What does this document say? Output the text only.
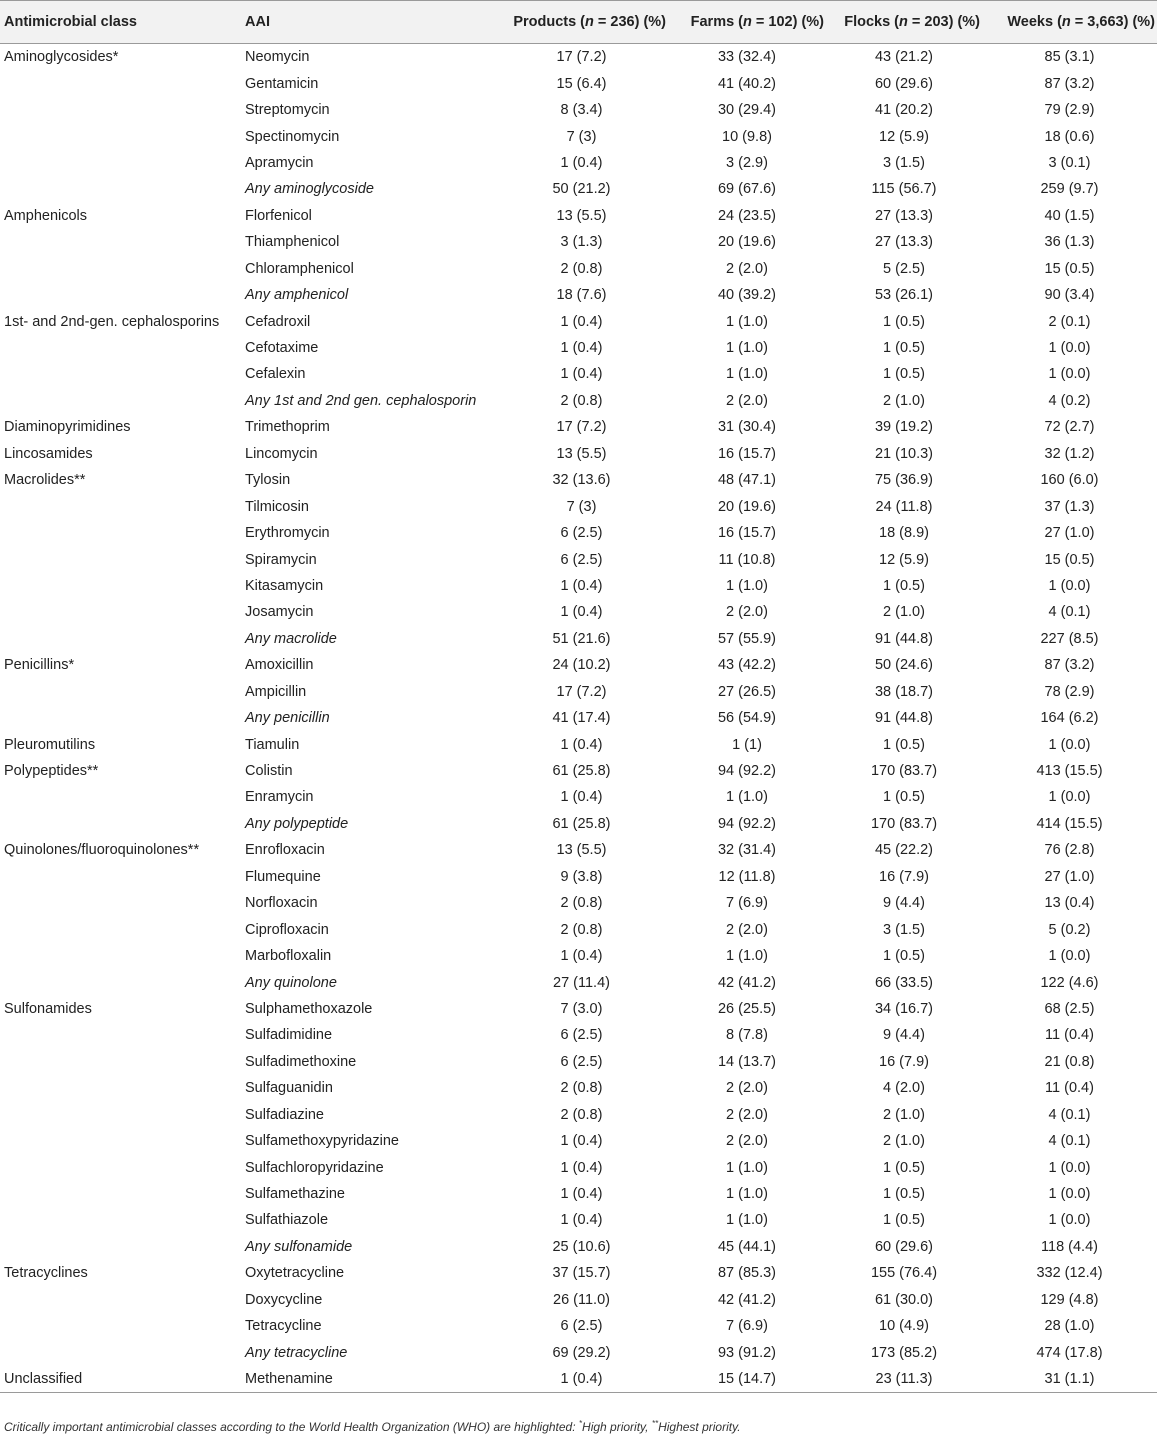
Antimicrobial class	AAI	Products (n = 236) (%)	Farms (n = 102) (%)	Flocks (n = 203) (%)	Weeks (n = 3,663) (%)
Aminoglycosides*	Neomycin	17 (7.2)	33 (32.4)	43 (21.2)	85 (3.1)
	Gentamicin	15 (6.4)	41 (40.2)	60 (29.6)	87 (3.2)
	Streptomycin	8 (3.4)	30 (29.4)	41 (20.2)	79 (2.9)
	Spectinomycin	7 (3)	10 (9.8)	12 (5.9)	18 (0.6)
	Apramycin	1 (0.4)	3 (2.9)	3 (1.5)	3 (0.1)
	Any aminoglycoside	50 (21.2)	69 (67.6)	115 (56.7)	259 (9.7)
Amphenicols	Florfenicol	13 (5.5)	24 (23.5)	27 (13.3)	40 (1.5)
	Thiamphenicol	3 (1.3)	20 (19.6)	27 (13.3)	36 (1.3)
	Chloramphenicol	2 (0.8)	2 (2.0)	5 (2.5)	15 (0.5)
	Any amphenicol	18 (7.6)	40 (39.2)	53 (26.1)	90 (3.4)
1st- and 2nd-gen. cephalosporins	Cefadroxil	1 (0.4)	1 (1.0)	1 (0.5)	2 (0.1)
	Cefotaxime	1 (0.4)	1 (1.0)	1 (0.5)	1 (0.0)
	Cefalexin	1 (0.4)	1 (1.0)	1 (0.5)	1 (0.0)
	Any 1st and 2nd gen. cephalosporin	2 (0.8)	2 (2.0)	2 (1.0)	4 (0.2)
Diaminopyrimidines	Trimethoprim	17 (7.2)	31 (30.4)	39 (19.2)	72 (2.7)
Lincosamides	Lincomycin	13 (5.5)	16 (15.7)	21 (10.3)	32 (1.2)
Macrolides**	Tylosin	32 (13.6)	48 (47.1)	75 (36.9)	160 (6.0)
	Tilmicosin	7 (3)	20 (19.6)	24 (11.8)	37 (1.3)
	Erythromycin	6 (2.5)	16 (15.7)	18 (8.9)	27 (1.0)
	Spiramycin	6 (2.5)	11 (10.8)	12 (5.9)	15 (0.5)
	Kitasamycin	1 (0.4)	1 (1.0)	1 (0.5)	1 (0.0)
	Josamycin	1 (0.4)	2 (2.0)	2 (1.0)	4 (0.1)
	Any macrolide	51 (21.6)	57 (55.9)	91 (44.8)	227 (8.5)
Penicillins*	Amoxicillin	24 (10.2)	43 (42.2)	50 (24.6)	87 (3.2)
	Ampicillin	17 (7.2)	27 (26.5)	38 (18.7)	78 (2.9)
	Any penicillin	41 (17.4)	56 (54.9)	91 (44.8)	164 (6.2)
Pleuromutilins	Tiamulin	1 (0.4)	1 (1)	1 (0.5)	1 (0.0)
Polypeptides**	Colistin	61 (25.8)	94 (92.2)	170 (83.7)	413 (15.5)
	Enramycin	1 (0.4)	1 (1.0)	1 (0.5)	1 (0.0)
	Any polypeptide	61 (25.8)	94 (92.2)	170 (83.7)	414 (15.5)
Quinolones/fluoroquinolones**	Enrofloxacin	13 (5.5)	32 (31.4)	45 (22.2)	76 (2.8)
	Flumequine	9 (3.8)	12 (11.8)	16 (7.9)	27 (1.0)
	Norfloxacin	2 (0.8)	7 (6.9)	9 (4.4)	13 (0.4)
	Ciprofloxacin	2 (0.8)	2 (2.0)	3 (1.5)	5 (0.2)
	Marbofloxalin	1 (0.4)	1 (1.0)	1 (0.5)	1 (0.0)
	Any quinolone	27 (11.4)	42 (41.2)	66 (33.5)	122 (4.6)
Sulfonamides	Sulphamethoxazole	7 (3.0)	26 (25.5)	34 (16.7)	68 (2.5)
	Sulfadimidine	6 (2.5)	8 (7.8)	9 (4.4)	11 (0.4)
	Sulfadimethoxine	6 (2.5)	14 (13.7)	16 (7.9)	21 (0.8)
	Sulfaguanidin	2 (0.8)	2 (2.0)	4 (2.0)	11 (0.4)
	Sulfadiazine	2 (0.8)	2 (2.0)	2 (1.0)	4 (0.1)
	Sulfamethoxypyridazine	1 (0.4)	2 (2.0)	2 (1.0)	4 (0.1)
	Sulfachloropyridazine	1 (0.4)	1 (1.0)	1 (0.5)	1 (0.0)
	Sulfamethazine	1 (0.4)	1 (1.0)	1 (0.5)	1 (0.0)
	Sulfathiazole	1 (0.4)	1 (1.0)	1 (0.5)	1 (0.0)
	Any sulfonamide	25 (10.6)	45 (44.1)	60 (29.6)	118 (4.4)
Tetracyclines	Oxytetracycline	37 (15.7)	87 (85.3)	155 (76.4)	332 (12.4)
	Doxycycline	26 (11.0)	42 (41.2)	61 (30.0)	129 (4.8)
	Tetracycline	6 (2.5)	7 (6.9)	10 (4.9)	28 (1.0)
	Any tetracycline	69 (29.2)	93 (91.2)	173 (85.2)	474 (17.8)
Unclassified	Methenamine	1 (0.4)	15 (14.7)	23 (11.3)	31 (1.1)
Critically important antimicrobial classes according to the World Health Organization (WHO) are highlighted: *High priority, **Highest priority.
